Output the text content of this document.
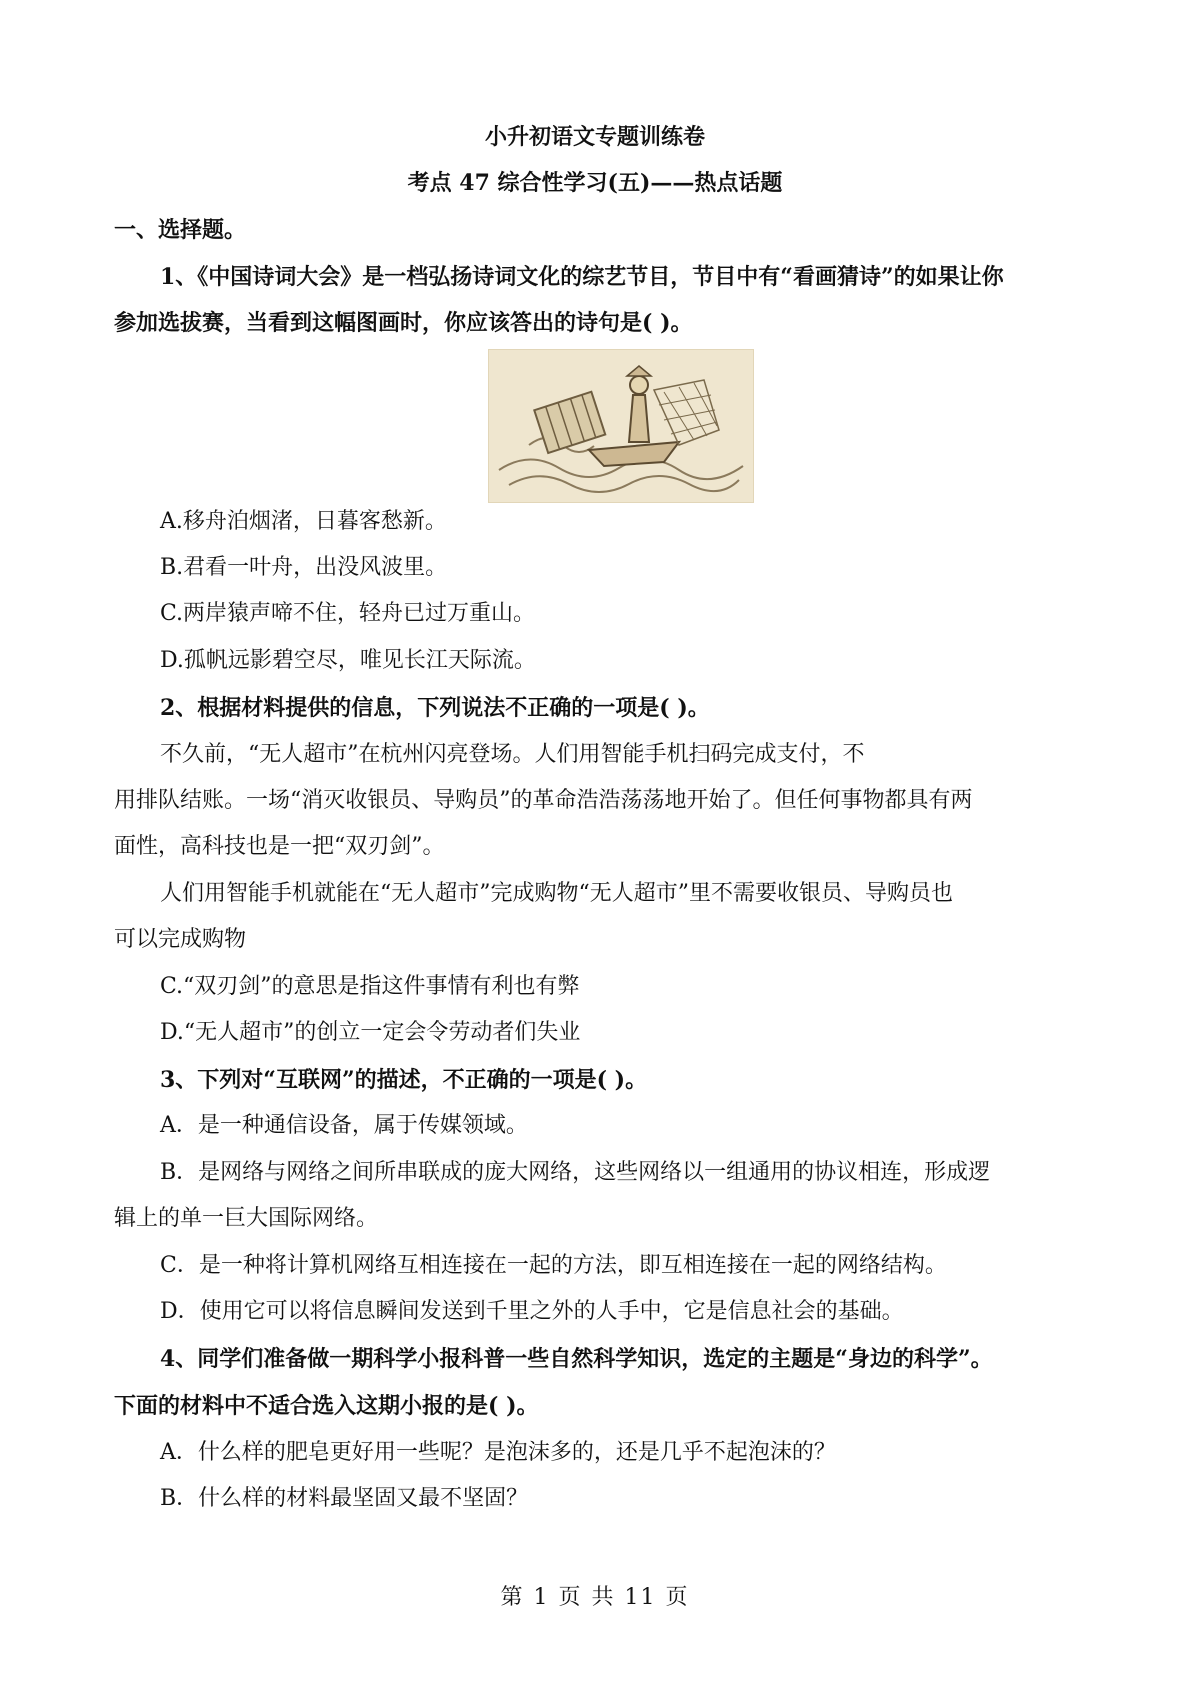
小升初语文专题训练卷
考点 47 综合性学习(五)——热点话题
一、选择题。
1、《中国诗词大会》是一档弘扬诗词文化的综艺节目，节目中有“看画猜诗”的如果让你
参加选拔赛，当看到这幅图画时，你应该答出的诗句是( )。
A.移舟泊烟渚，日暮客愁新。
B.君看一叶舟，出没风波里。
C.两岸猿声啼不住，轻舟已过万重山。
D.孤帆远影碧空尽，唯见长江天际流。
2、根据材料提供的信息，下列说法不正确的一项是( )。
不久前，“无人超市”在杭州闪亮登场。人们用智能手机扫码完成支付，不
用排队结账。一场“消灭收银员、导购员”的革命浩浩荡荡地开始了。但任何事物都具有两
面性，高科技也是一把“双刃剑”。
人们用智能手机就能在“无人超市”完成购物“无人超市”里不需要收银员、导购员也
可以完成购物
C.“双刃剑”的意思是指这件事情有利也有弊
D.“无人超市”的创立一定会令劳动者们失业
3、下列对“互联网”的描述，不正确的一项是( )。
A．是一种通信设备，属于传媒领域。
B．是网络与网络之间所串联成的庞大网络，这些网络以一组通用的协议相连，形成逻
辑上的单一巨大国际网络。
C．是一种将计算机网络互相连接在一起的方法，即互相连接在一起的网络结构。
D．使用它可以将信息瞬间发送到千里之外的人手中，它是信息社会的基础。
4、同学们准备做一期科学小报科普一些自然科学知识，选定的主题是“身边的科学”。
下面的材料中不适合选入这期小报的是( )。
A．什么样的肥皂更好用一些呢？是泡沫多的，还是几乎不起泡沫的？
B．什么样的材料最坚固又最不坚固？
第 1 页 共 11 页
